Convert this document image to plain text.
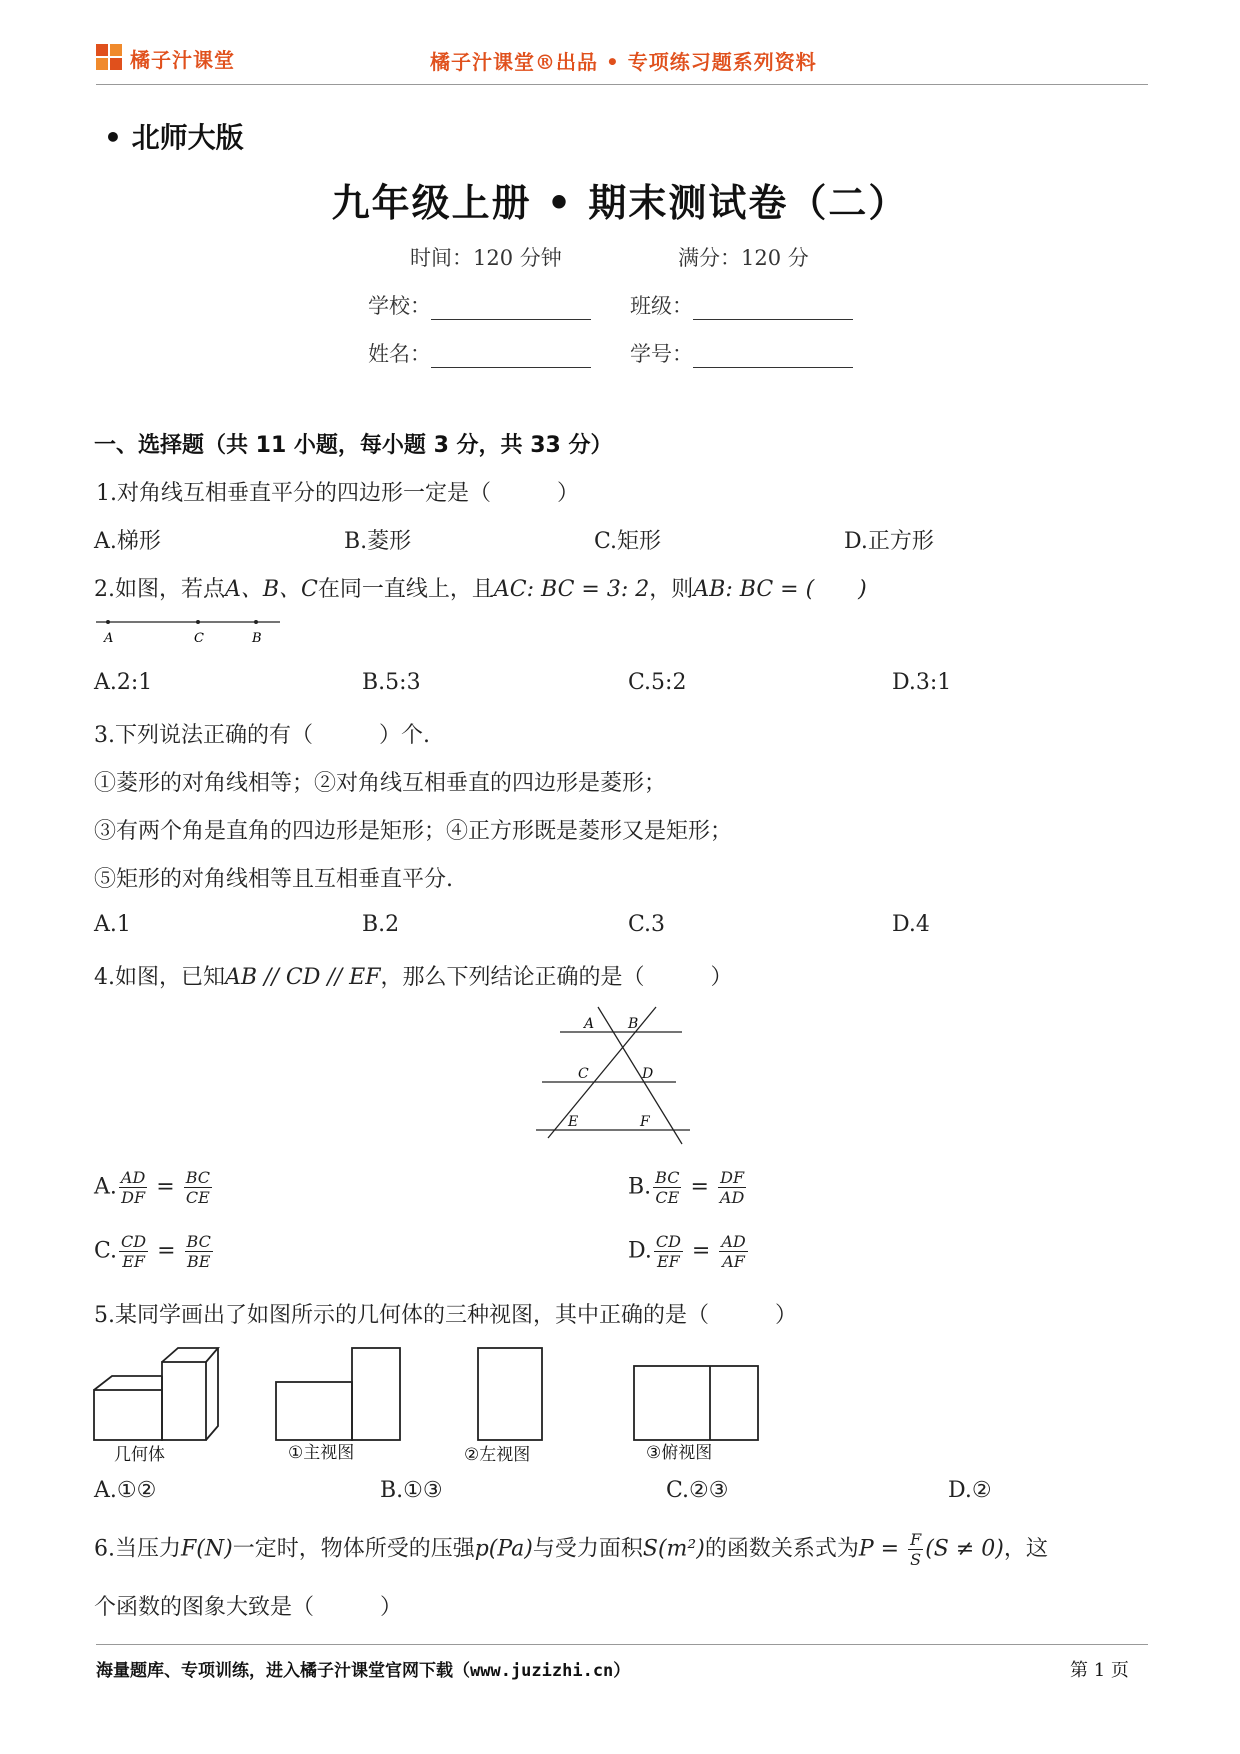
橘子汁课堂	橘子汁课堂®出品 • 专项练习题系列资料
• 北师大版
九年级上册 • 期末测试卷（二）
时间：120 分钟	满分：120 分
学校：	班级：
姓名：	学号：
一、选择题（共 11 小题，每小题 3 分，共 33 分）
1.对角线互相垂直平分的四边形一定是（　　　）
A.梯形	B.菱形	C.矩形	D.正方形
2.如图，若点A、B、C在同一直线上，且AC: BC = 3: 2，则AB: BC = (　　)
A	C	B
A.2:1	B.5:3	C.5:2	D.3:1
3.下列说法正确的有（　　　）个.
①菱形的对角线相等；②对角线互相垂直的四边形是菱形；
③有两个角是直角的四边形是矩形；④正方形既是菱形又是矩形；
⑤矩形的对角线相等且互相垂直平分.
A.1	B.2	C.3	D.4
4.如图，已知AB // CD // EF，那么下列结论正确的是（　　　）
A B
C	D
E	F
A. $\frac{AD}{DF} = \frac{BC}{CE}$	B. $\frac{BC}{CE} = \frac{DF}{AD}$
C. $\frac{CD}{EF} = \frac{BC}{BE}$	D. $\frac{CD}{EF} = \frac{AD}{AF}$
5.某同学画出了如图所示的几何体的三种视图，其中正确的是（　　　）
几何体	①主视图	②左视图	③俯视图
A.①②	B.①③	C.②③	D.②
6.当压力F(N)一定时，物体所受的压强p(Pa)与受力面积S(m²)的函数关系式为$P = \frac{F}{S} (S \ne 0)$，这
个函数的图象大致是（　　　）
海量题库、专项训练，进入橘子汁课堂官网下载（www.juzizhi.cn）	第 1 页
